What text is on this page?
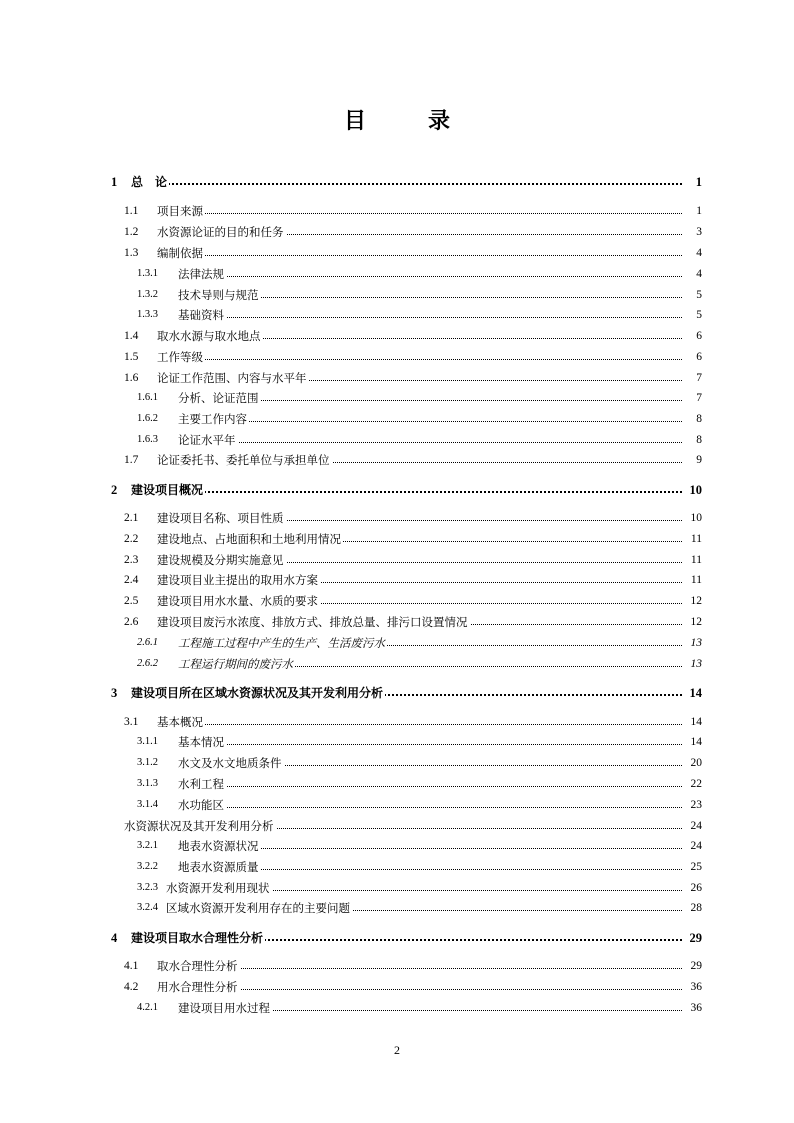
目　录
1 总　论	1
1.1 项目来源	1
1.2 水资源论证的目的和任务	3
1.3 编制依据	4
1.3.1 法律法规	4
1.3.2 技术导则与规范	5
1.3.3 基础资料	5
1.4 取水水源与取水地点	6
1.5 工作等级	6
1.6 论证工作范围、内容与水平年	7
1.6.1 分析、论证范围	7
1.6.2 主要工作内容	8
1.6.3 论证水平年	8
1.7 论证委托书、委托单位与承担单位	9
2 建设项目概况	10
2.1 建设项目名称、项目性质	10
2.2 建设地点、占地面积和土地利用情况	11
2.3 建设规模及分期实施意见	11
2.4 建设项目业主提出的取用水方案	11
2.5 建设项目用水水量、水质的要求	12
2.6 建设项目废污水浓度、排放方式、排放总量、排污口设置情况	12
2.6.1 工程施工过程中产生的生产、生活废污水	13
2.6.2 工程运行期间的废污水	13
3 建设项目所在区域水资源状况及其开发利用分析	14
3.1 基本概况	14
3.1.1 基本情况	14
3.1.2 水文及水文地质条件	20
3.1.3 水利工程	22
3.1.4 水功能区	23
水资源状况及其开发利用分析	24
3.2.1 地表水资源状况	24
3.2.2 地表水资源质量	25
3.2.3 水资源开发利用现状	26
3.2.4 区域水资源开发利用存在的主要问题	28
4 建设项目取水合理性分析	29
4.1 取水合理性分析	29
4.2 用水合理性分析	36
4.2.1 建设项目用水过程	36
2
